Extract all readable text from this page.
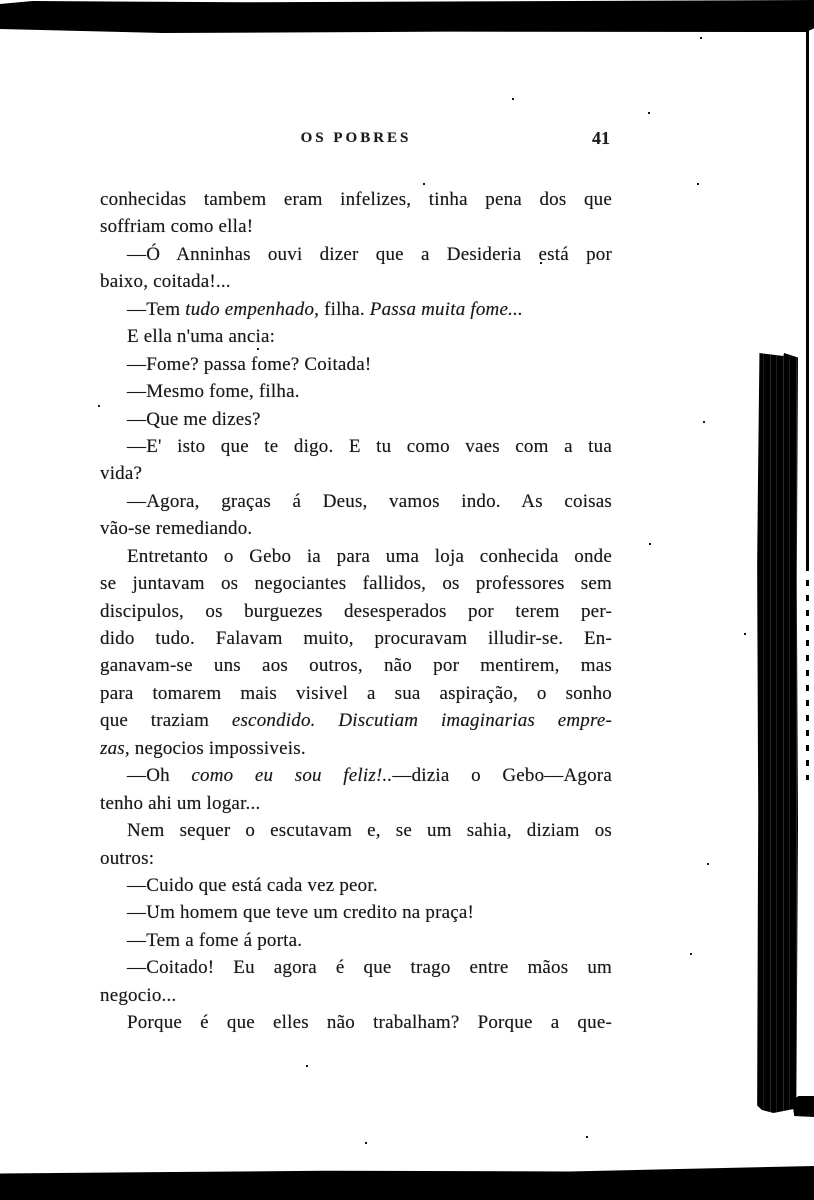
OS POBRES	41
conhecidas tambem eram infelizes, tinha pena dos que
soffriam como ella!
—Ó Anninhas ouvi dizer que a Desideria está por
baixo, coitada!...
—Tem tudo empenhado, filha. Passa muita fome...
E ella n'uma ancia:
—Fome? passa fome? Coitada!
—Mesmo fome, filha.
—Que me dizes?
—E' isto que te digo. E tu como vaes com a tua
vida?
—Agora, graças á Deus, vamos indo. As coisas
vão-se remediando.
Entretanto o Gebo ia para uma loja conhecida onde
se juntavam os negociantes fallidos, os professores sem
discipulos, os burguezes desesperados por terem per-
dido tudo. Falavam muito, procuravam illudir-se. En-
ganavam-se uns aos outros, não por mentirem, mas
para tomarem mais visivel a sua aspiração, o sonho
que traziam escondido. Discutiam imaginarias empre-
zas, negocios impossiveis.
—Oh como eu sou feliz!..—dizia o Gebo—Agora
tenho ahi um logar...
Nem sequer o escutavam e, se um sahia, diziam os
outros:
—Cuido que está cada vez peor.
—Um homem que teve um credito na praça!
—Tem a fome á porta.
—Coitado! Eu agora é que trago entre mãos um
negocio...
Porque é que elles não trabalham? Porque a que-
